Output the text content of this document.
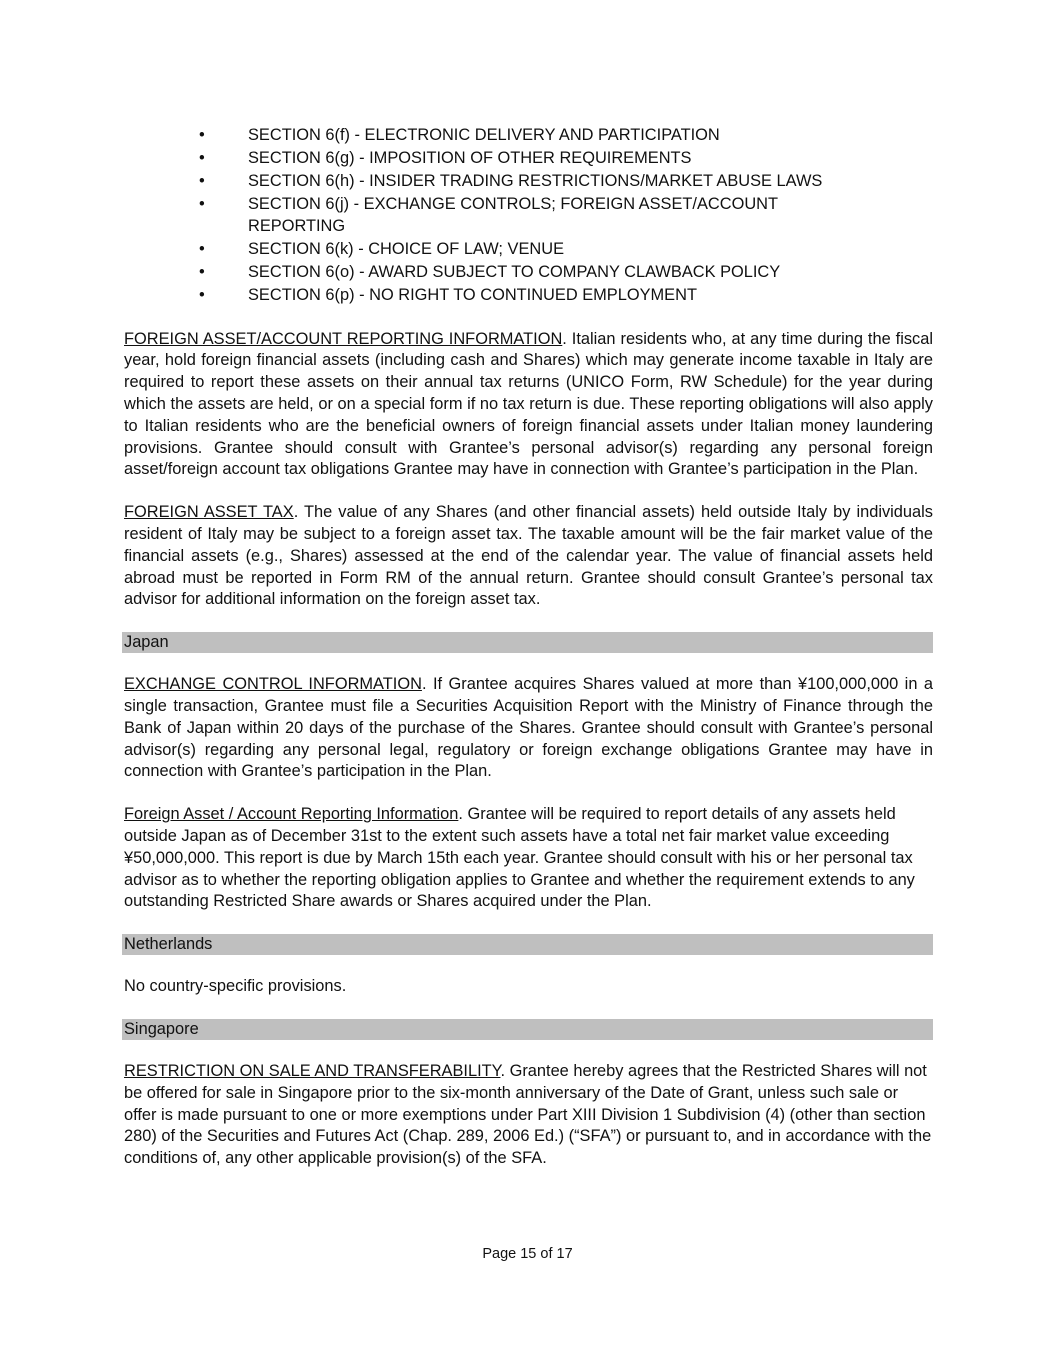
•	SECTION 6(f) - ELECTRONIC DELIVERY AND PARTICIPATION
•	SECTION 6(g) - IMPOSITION OF OTHER REQUIREMENTS
•	SECTION 6(h) - INSIDER TRADING RESTRICTIONS/MARKET ABUSE LAWS
•	SECTION 6(j) - EXCHANGE CONTROLS; FOREIGN ASSET/ACCOUNT REPORTING
•	SECTION 6(k) - CHOICE OF LAW; VENUE
•	SECTION 6(o) - AWARD SUBJECT TO COMPANY CLAWBACK POLICY
•	SECTION 6(p) - NO RIGHT TO CONTINUED EMPLOYMENT

FOREIGN ASSET/ACCOUNT REPORTING INFORMATION. Italian residents who, at any time during the fiscal year, hold foreign financial assets (including cash and Shares) which may generate income taxable in Italy are required to report these assets on their annual tax returns (UNICO Form, RW Schedule) for the year during which the assets are held, or on a special form if no tax return is due. These reporting obligations will also apply to Italian residents who are the beneficial owners of foreign financial assets under Italian money laundering provisions. Grantee should consult with Grantee’s personal advisor(s) regarding any personal foreign asset/foreign account tax obligations Grantee may have in connection with Grantee’s participation in the Plan.

FOREIGN ASSET TAX. The value of any Shares (and other financial assets) held outside Italy by individuals resident of Italy may be subject to a foreign asset tax. The taxable amount will be the fair market value of the financial assets (e.g., Shares) assessed at the end of the calendar year. The value of financial assets held abroad must be reported in Form RM of the annual return. Grantee should consult Grantee’s personal tax advisor for additional information on the foreign asset tax.

Japan

EXCHANGE CONTROL INFORMATION. If Grantee acquires Shares valued at more than ¥100,000,000 in a single transaction, Grantee must file a Securities Acquisition Report with the Ministry of Finance through the Bank of Japan within 20 days of the purchase of the Shares. Grantee should consult with Grantee’s personal advisor(s) regarding any personal legal, regulatory or foreign exchange obligations Grantee may have in connection with Grantee’s participation in the Plan.

Foreign Asset / Account Reporting Information. Grantee will be required to report details of any assets held outside Japan as of December 31st to the extent such assets have a total net fair market value exceeding ¥50,000,000. This report is due by March 15th each year. Grantee should consult with his or her personal tax advisor as to whether the reporting obligation applies to Grantee and whether the requirement extends to any outstanding Restricted Share awards or Shares acquired under the Plan.

Netherlands

No country-specific provisions.

Singapore

RESTRICTION ON SALE AND TRANSFERABILITY. Grantee hereby agrees that the Restricted Shares will not be offered for sale in Singapore prior to the six-month anniversary of the Date of Grant, unless such sale or offer is made pursuant to one or more exemptions under Part XIII Division 1 Subdivision (4) (other than section 280) of the Securities and Futures Act (Chap. 289, 2006 Ed.) (“SFA”) or pursuant to, and in accordance with the conditions of, any other applicable provision(s) of the SFA.

Page 15 of 17
